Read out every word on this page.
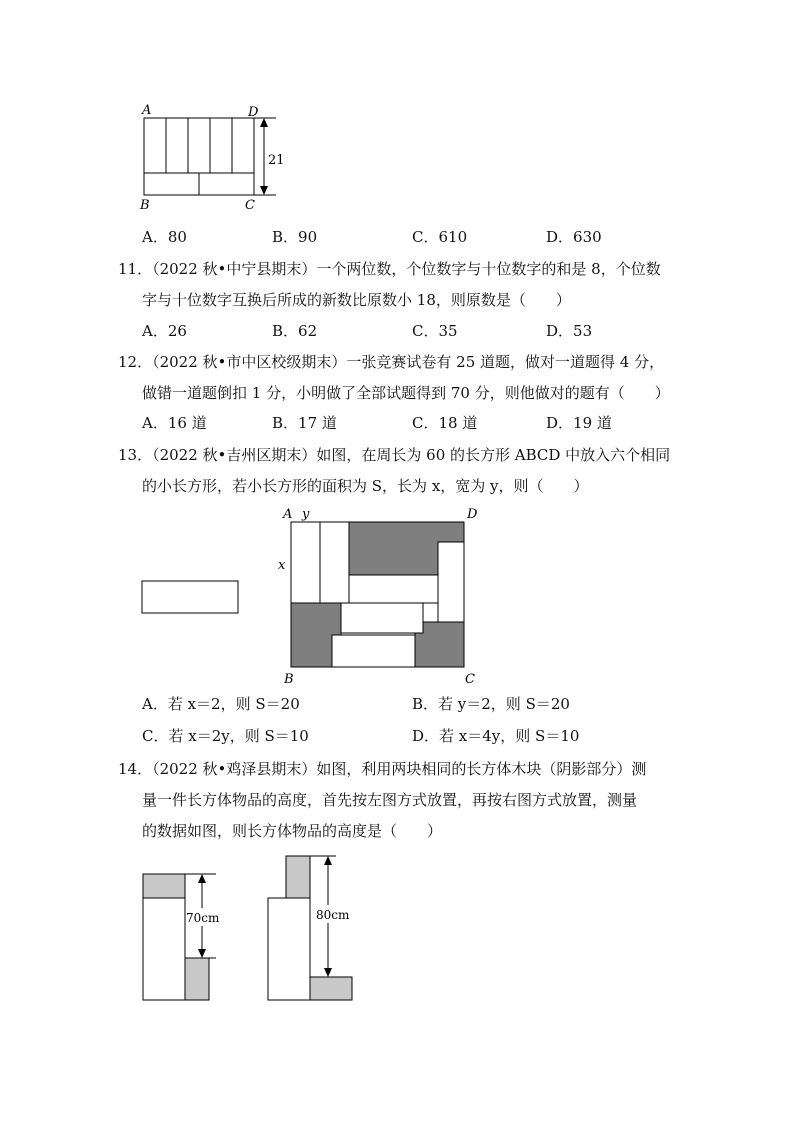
A	D
B	C
21
A．80	B．90	C．610	D．630
11．（2022 秋•中宁县期末）一个两位数，个位数字与十位数字的和是 8，个位数
字与十位数字互换后所成的新数比原数小 18，则原数是（　　）
A．26	B．62	C．35	D．53
12．（2022 秋•市中区校级期末）一张竞赛试卷有 25 道题，做对一道题得 4 分，
做错一道题倒扣 1 分，小明做了全部试题得到 70 分，则他做对的题有（　　）
A．16 道	B．17 道	C．18 道	D．19 道
13．（2022 秋•吉州区期末）如图，在周长为 60 的长方形 ABCD 中放入六个相同
的小长方形，若小长方形的面积为 S，长为 x，宽为 y，则（　　）
A y	D
x
B	C
A．若 x＝2，则 S＝20	B．若 y＝2，则 S＝20
C．若 x＝2y，则 S＝10	D．若 x＝4y，则 S＝10
14．（2022 秋•鸡泽县期末）如图，利用两块相同的长方体木块（阴影部分）测
量一件长方体物品的高度，首先按左图方式放置，再按右图方式放置，测量
的数据如图，则长方体物品的高度是（　　）
70cm	80cm
